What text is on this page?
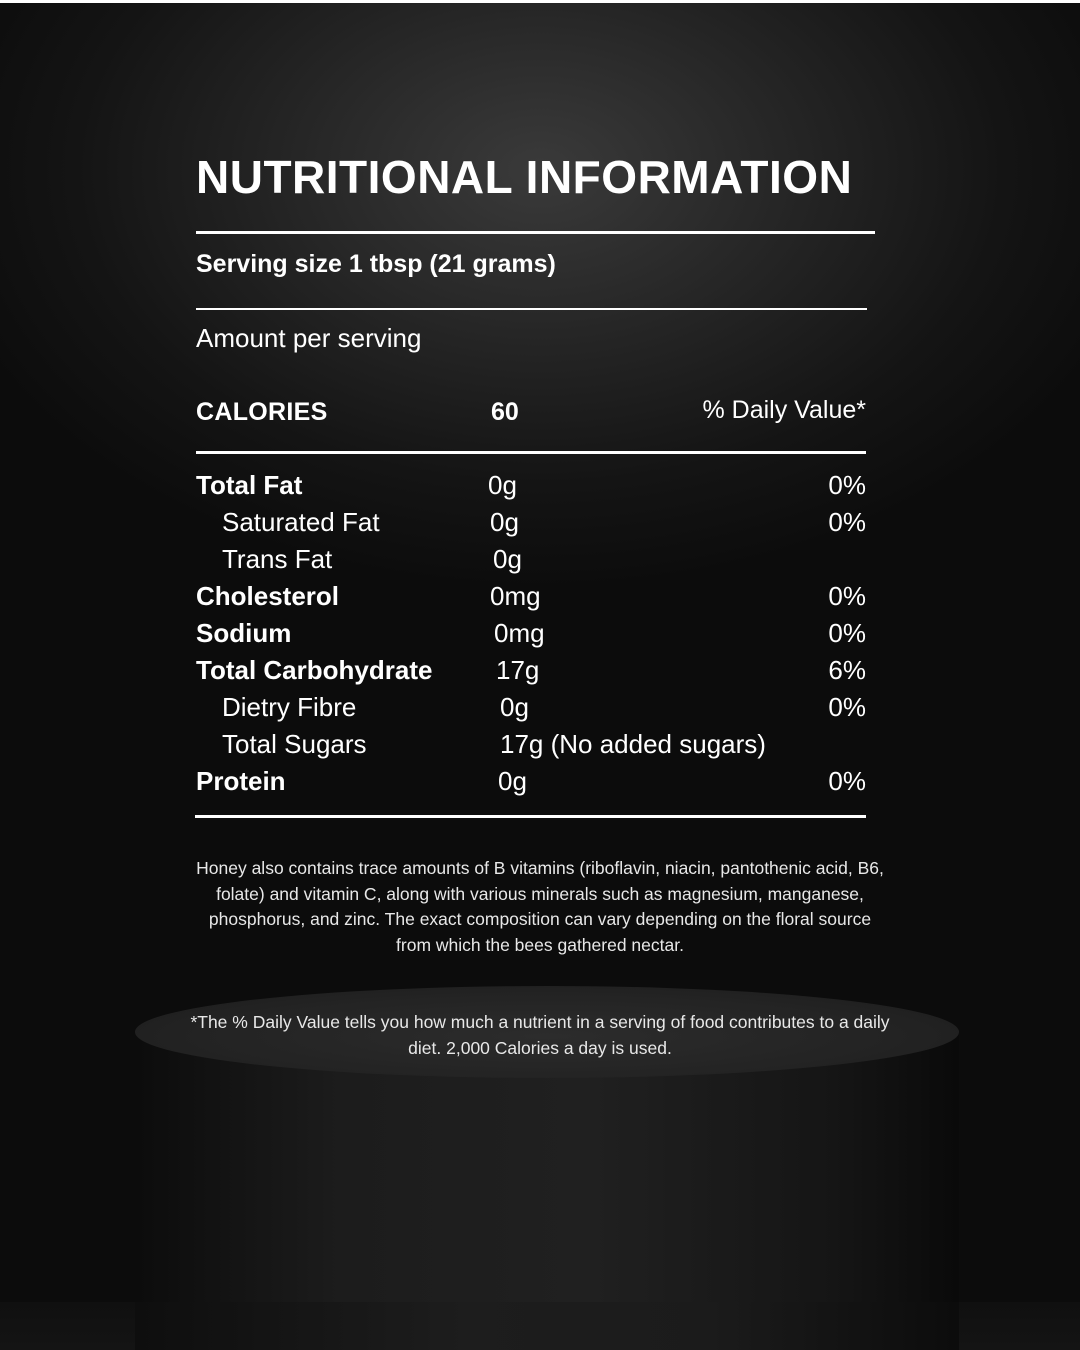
NUTRITIONAL INFORMATION
Serving size 1 tbsp (21 grams)
Amount per serving
CALORIES	60	% Daily Value*
Total Fat	0g	0%
Saturated Fat	0g	0%
Trans Fat	0g
Cholesterol	0mg	0%
Sodium	0mg	0%
Total Carbohydrate 17g	6%
Dietry Fibre	0g	0%
Total Sugars	17g (No added sugars)
Protein	0g	0%
Honey also contains trace amounts of B vitamins (riboflavin, niacin, pantothenic acid, B6, folate) and vitamin C, along with various minerals such as magnesium, manganese, phosphorus, and zinc. The exact composition can vary depending on the floral source from which the bees gathered nectar.
*The % Daily Value tells you how much a nutrient in a serving of food contributes to a daily diet. 2,000 Calories a day is used.
